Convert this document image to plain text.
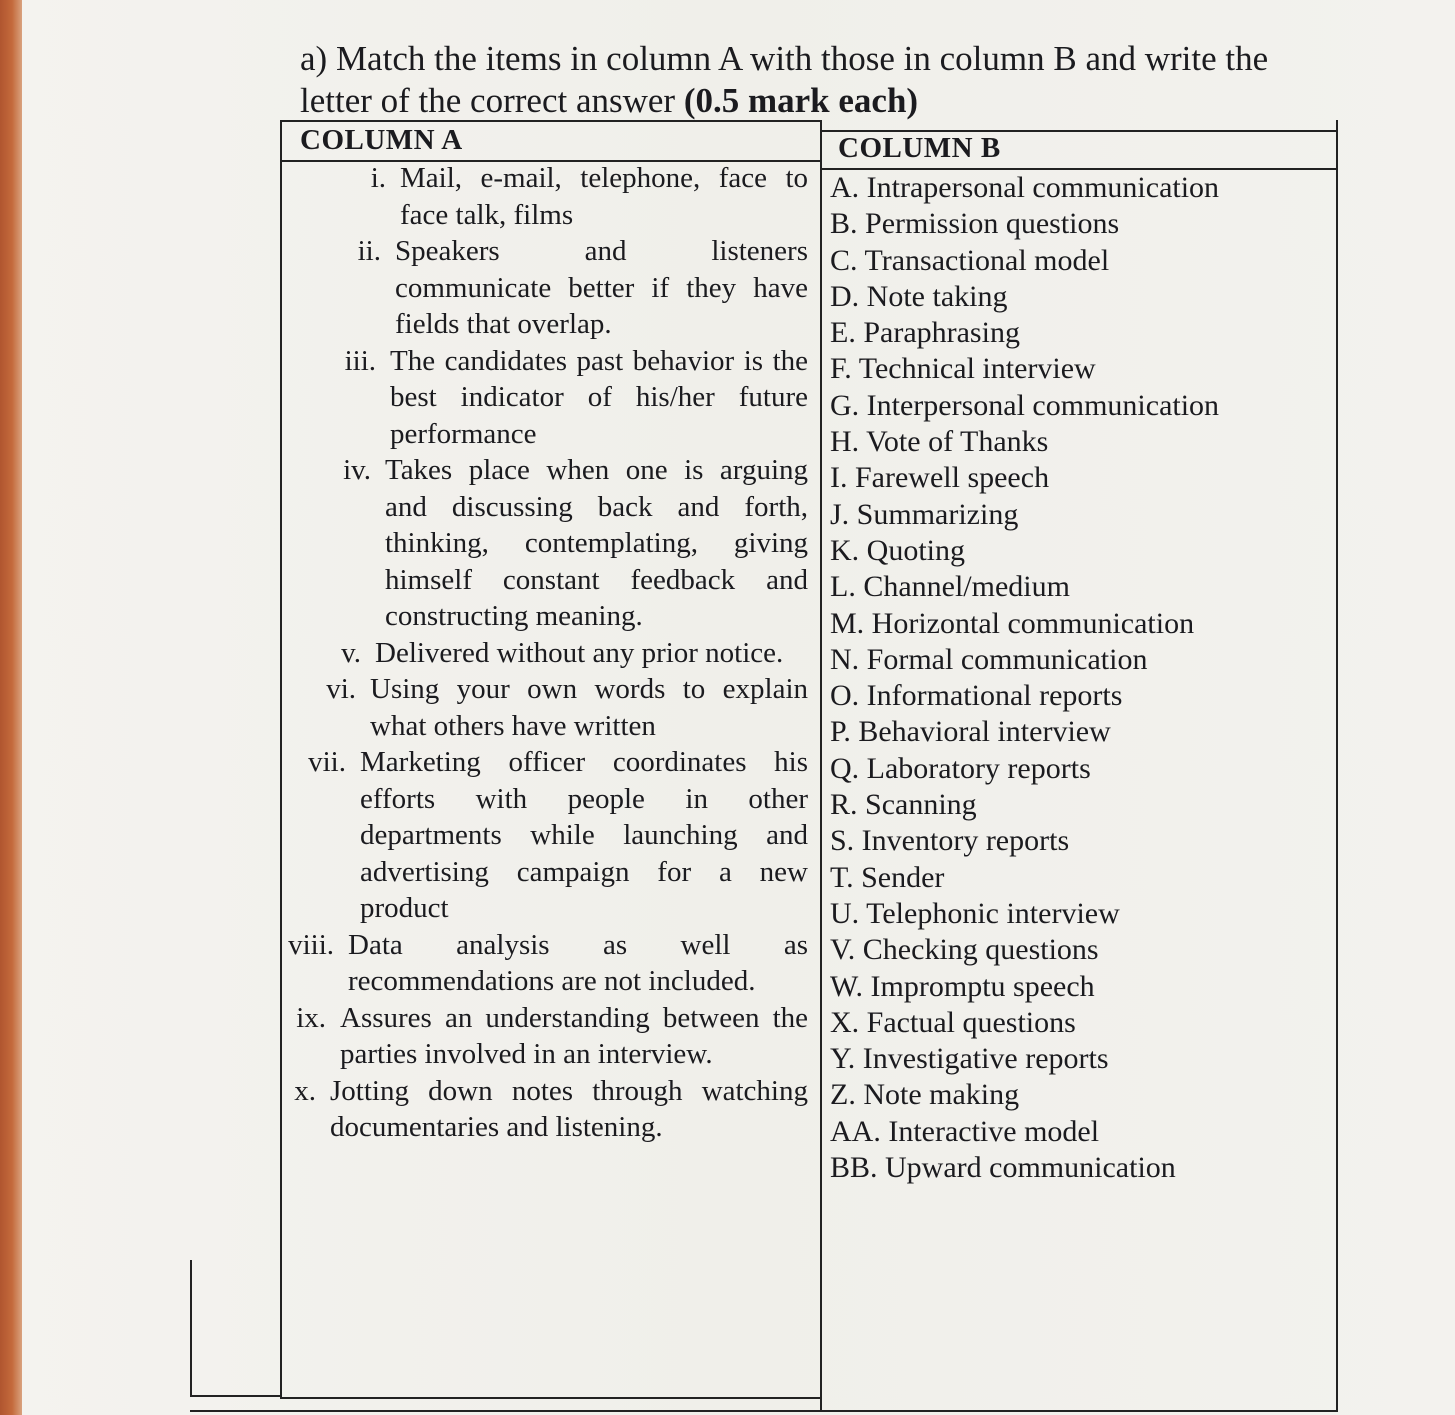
a) Match the items in column A with those in column B and write the letter of the correct answer (0.5 mark each)
COLUMN A	COLUMN B
i. Mail, e-mail, telephone, face to face talk, films
ii. Speakers and listeners communicate better if they have fields that overlap.
iii. The candidates past behavior is the best indicator of his/her future performance
iv. Takes place when one is arguing and discussing back and forth, thinking, contemplating, giving himself constant feedback and constructing meaning.
v. Delivered without any prior notice.
vi. Using your own words to explain what others have written
vii. Marketing officer coordinates his efforts with people in other departments while launching and advertising campaign for a new product
viii. Data analysis as well as recommendations are not included.
ix. Assures an understanding between the parties involved in an interview.
x. Jotting down notes through watching documentaries and listening.
A. Intrapersonal communication
B. Permission questions
C. Transactional model
D. Note taking
E. Paraphrasing
F. Technical interview
G. Interpersonal communication
H. Vote of Thanks
I. Farewell speech
J. Summarizing
K. Quoting
L. Channel/medium
M. Horizontal communication
N. Formal communication
O. Informational reports
P. Behavioral interview
Q. Laboratory reports
R. Scanning
S. Inventory reports
T. Sender
U. Telephonic interview
V. Checking questions
W. Impromptu speech
X. Factual questions
Y. Investigative reports
Z. Note making
AA. Interactive model
BB. Upward communication
